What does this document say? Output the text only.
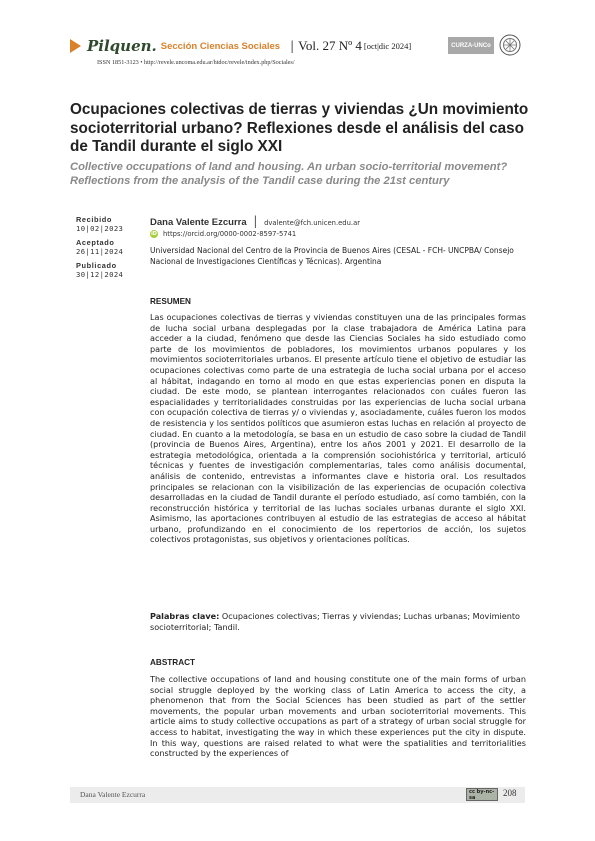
Pilquen. Sección Ciencias Sociales | Vol. 27 Nº 4 [oct|dic 2024]	CURZA-UNCo
ISSN 1851-3123 • http://revele.uncoma.edu.ar/htdoc/revele/index.php/Sociales/
Ocupaciones colectivas de tierras y viviendas ¿Un movimiento socioterritorial urbano? Reflexiones desde el análisis del caso de Tandil durante el siglo XXI
Collective occupations of land and housing. An urban socio-territorial movement? Reflections from the analysis of the Tandil case during the 21st century
Recibido
10|02|2023
Aceptado
26|11|2024
Publicado
30|12|2024
Dana Valente Ezcurra | dvalente@fch.unicen.edu.ar
iD https://orcid.org/0000-0002-8597-5741
Universidad Nacional del Centro de la Provincia de Buenos Aires (CESAL - FCH- UNCPBA/ Consejo Nacional de Investigaciones Científicas y Técnicas). Argentina
RESUMEN

Las ocupaciones colectivas de tierras y viviendas constituyen una de las principales formas de lucha social urbana desplegadas por la clase trabajadora de América Latina para acceder a la ciudad, fenómeno que desde las Ciencias Sociales ha sido estudiado como parte de los movimientos de pobladores, los movimientos urbanos populares y los movimientos socioterritoriales urbanos. El presente artículo tiene el objetivo de estudiar las ocupaciones colectivas como parte de una estrategia de lucha social urbana por el acceso al hábitat, indagando en torno al modo en que estas experiencias ponen en disputa la ciudad. De este modo, se plantean interrogantes relacionados con cuáles fueron las espacialidades y territorialidades construidas por las experiencias de lucha social urbana con ocupación colectiva de tierras y/ o viviendas y, asociadamente, cuáles fueron los modos de resistencia y los sentidos políticos que asumieron estas luchas en relación al proyecto de ciudad. En cuanto a la metodología, se basa en un estudio de caso sobre la ciudad de Tandil (provincia de Buenos Aires, Argentina), entre los años 2001 y 2021. El desarrollo de la estrategia metodológica, orientada a la comprensión sociohistórica y territorial, articuló técnicas y fuentes de investigación complementarias, tales como análisis documental, análisis de contenido, entrevistas a informantes clave e historia oral. Los resultados principales se relacionan con la visibilización de las experiencias de ocupación colectiva desarrolladas en la ciudad de Tandil durante el período estudiado, así como también, con la reconstrucción histórica y territorial de las luchas sociales urbanas durante el siglo XXI. Asimismo, las aportaciones contribuyen al estudio de las estrategias de acceso al hábitat urbano, profundizando en el conocimiento de los repertorios de acción, los sujetos colectivos protagonistas, sus objetivos y orientaciones políticas.

Palabras clave: Ocupaciones colectivas; Tierras y viviendas; Luchas urbanas; Movimiento socioterritorial; Tandil.

ABSTRACT

The collective occupations of land and housing constitute one of the main forms of urban social struggle deployed by the working class of Latin America to access the city, a phenomenon that from the Social Sciences has been studied as part of the settler movements, the popular urban movements and urban socioterritorial movements. This article aims to study collective occupations as part of a strategy of urban social struggle for access to habitat, investigating the way in which these experiences put the city in dispute. In this way, questions are raised related to what were the spatialities and territorialities constructed by the experiences of

Dana Valente Ezcurra	cc by-nc-sa	208
